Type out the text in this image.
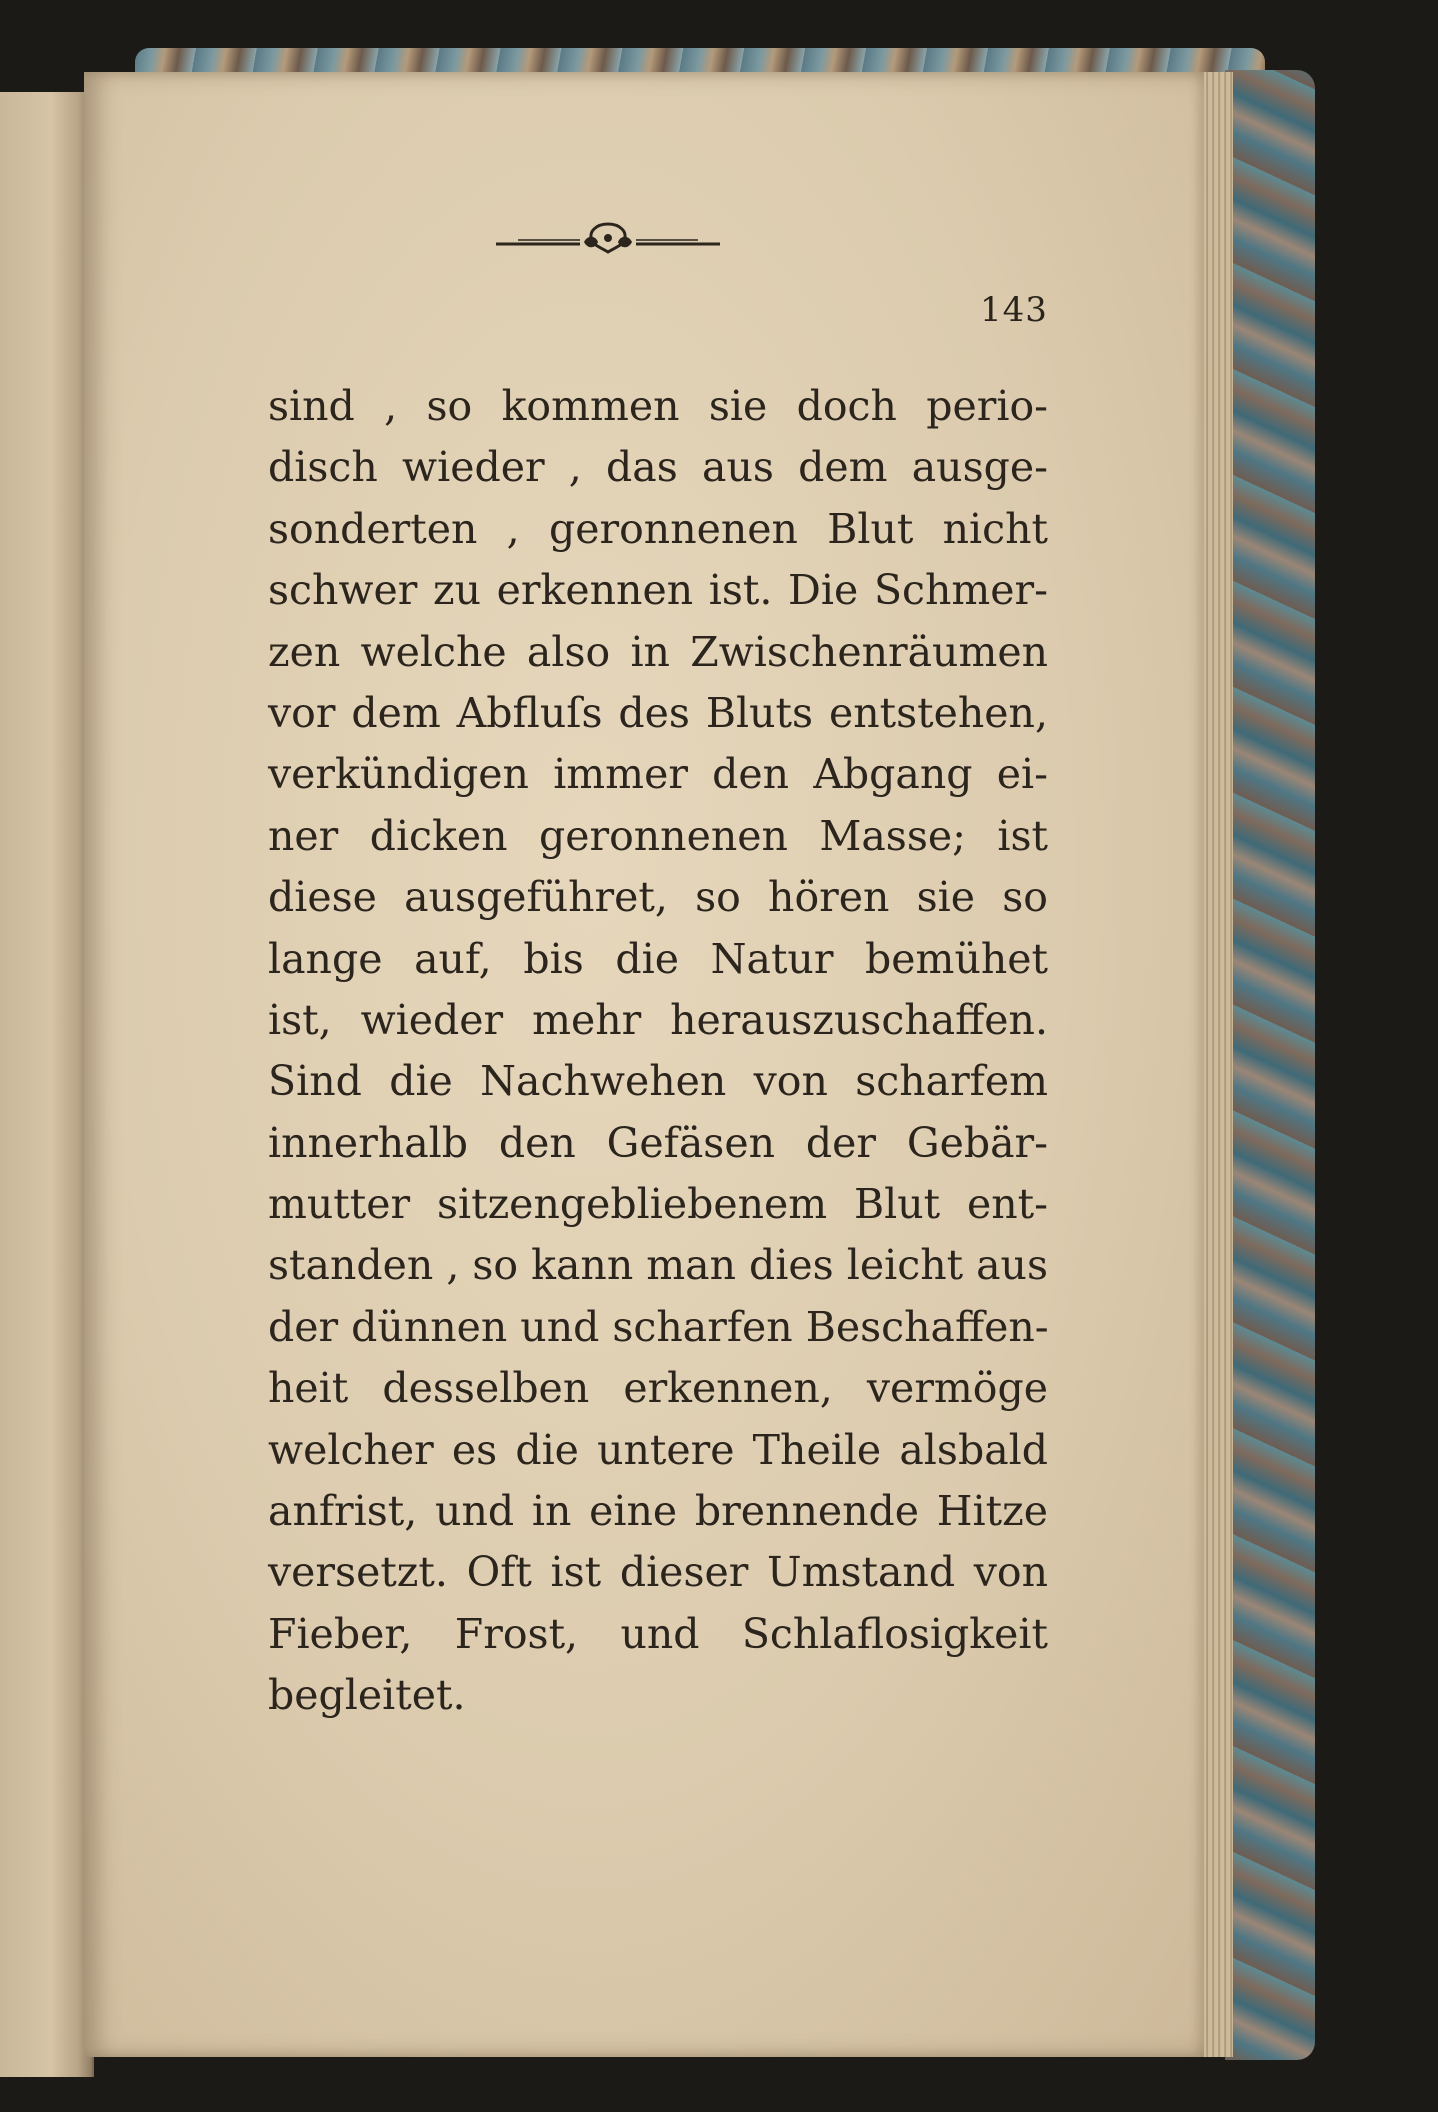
143
sind , so kommen sie doch perio-
disch wieder , das aus dem ausge-
sonderten , geronnenen Blut nicht
schwer zu erkennen ist. Die Schmer-
zen welche also in Zwischenräumen
vor dem Abfluſs des Bluts entstehen,
verkündigen immer den Abgang ei-
ner dicken geronnenen Masse; ist
diese ausgeführet, so hören sie so
lange auf, bis die Natur bemühet
ist, wieder mehr herauszuschaffen.
Sind die Nachwehen von scharfem
innerhalb den Gefäsen der Gebär-
mutter sitzengebliebenem Blut ent-
standen , so kann man dies leicht aus
der dünnen und scharfen Beschaffen-
heit desselben erkennen, vermöge
welcher es die untere Theile alsbald
anfrist, und in eine brennende Hitze
versetzt. Oft ist dieser Umstand von
Fieber, Frost, und Schlaflosigkeit
begleitet.
